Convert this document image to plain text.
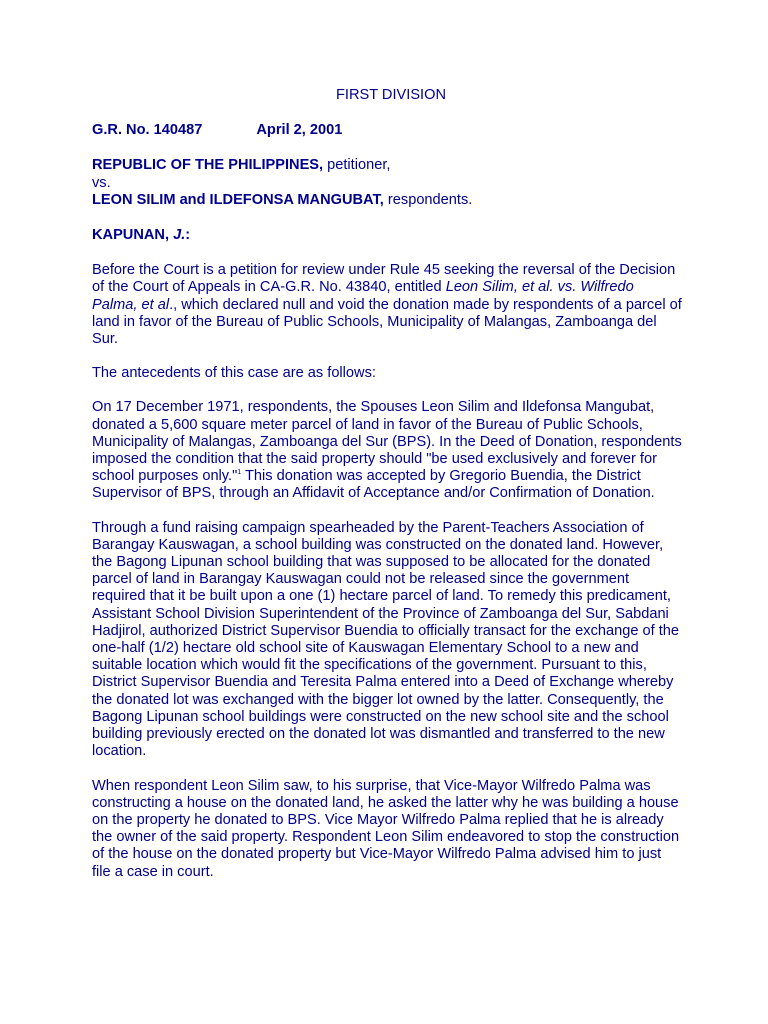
FIRST DIVISION
G.R. No. 140487	April 2, 2001
REPUBLIC OF THE PHILIPPINES, petitioner,
vs.
LEON SILIM and ILDEFONSA MANGUBAT, respondents.
KAPUNAN, J.:

Before the Court is a petition for review under Rule 45 seeking the reversal of the Decision of the Court of Appeals in CA-G.R. No. 43840, entitled Leon Silim, et al. vs. Wilfredo Palma, et al., which declared null and void the donation made by respondents of a parcel of land in favor of the Bureau of Public Schools, Municipality of Malangas, Zamboanga del Sur.

The antecedents of this case are as follows:

On 17 December 1971, respondents, the Spouses Leon Silim and Ildefonsa Mangubat, donated a 5,600 square meter parcel of land in favor of the Bureau of Public Schools, Municipality of Malangas, Zamboanga del Sur (BPS). In the Deed of Donation, respondents imposed the condition that the said property should "be used exclusively and forever for school purposes only."$^1$ This donation was accepted by Gregorio Buendia, the District Supervisor of BPS, through an Affidavit of Acceptance and/or Confirmation of Donation.

Through a fund raising campaign spearheaded by the Parent-Teachers Association of Barangay Kauswagan, a school building was constructed on the donated land. However, the Bagong Lipunan school building that was supposed to be allocated for the donated parcel of land in Barangay Kauswagan could not be released since the government required that it be built upon a one (1) hectare parcel of land. To remedy this predicament, Assistant School Division Superintendent of the Province of Zamboanga del Sur, Sabdani Hadjirol, authorized District Supervisor Buendia to officially transact for the exchange of the one-half (1/2) hectare old school site of Kauswagan Elementary School to a new and suitable location which would fit the specifications of the government. Pursuant to this, District Supervisor Buendia and Teresita Palma entered into a Deed of Exchange whereby the donated lot was exchanged with the bigger lot owned by the latter. Consequently, the Bagong Lipunan school buildings were constructed on the new school site and the school building previously erected on the donated lot was dismantled and transferred to the new location.

When respondent Leon Silim saw, to his surprise, that Vice-Mayor Wilfredo Palma was constructing a house on the donated land, he asked the latter why he was building a house on the property he donated to BPS. Vice Mayor Wilfredo Palma replied that he is already the owner of the said property. Respondent Leon Silim endeavored to stop the construction of the house on the donated property but Vice-Mayor Wilfredo Palma advised him to just file a case in court.
